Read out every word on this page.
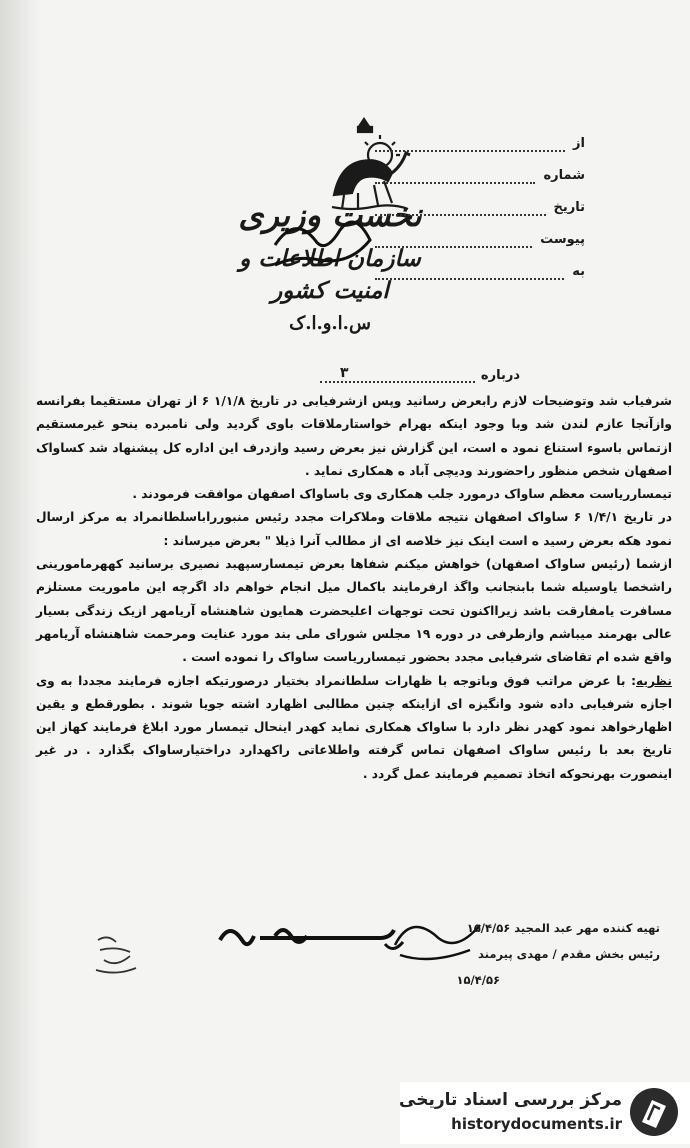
نخست وزیری
سازمان اطلاعات و امنیت کشور
س.ا.و.ا.ک
از
شماره
تاریخ
پیوست
به
درباره
۳

شرفیاب شد وتوضیحات لازم رابعرض رسانید وپس ازشرفیابی در تاریخ ۱/۱/۸ ۶ از تهران مستقیما بفرانسه وازآنجا عازم لندن شد وبا وجود اینکه بهرام خواستارملاقات باوی گردید ولی نامبرده بنحو غیرمستقیم ازتماس باسوء استناع نمود ه است، این گزارش نیز بعرض رسید وازدرف این اداره کل پیشنهاد شد کساواک اصفهان شخص منظور راحضورند ودیچی آباد ه همکاری نماید .

تیمسارریاست معظم ساواک درمورد جلب همکاری وی باساواک اصفهان موافقت فرمودند .

در تاریخ ۱/۴/۱ ۶ ساواک اصفهان نتیجه ملاقات وملاکرات مجدد رئیس منبورراباسلطانمراد به مرکز ارسال نمود هکه بعرض رسید ه است اینک نیز خلاصه ای از مطالب آنرا ذیلا " بعرض میرساند :

ازشما (رئیس ساواک اصفهان) خواهش میکنم شفاها بعرض تیمسارسپهبد نصیری برسانید کههرمامورینی راشخصا یاوسیله شما بابنجانب واگذ ارفرمایند باکمال میل انجام خواهم داد اگرچه این ماموریت مستلزم مسافرت یامفارقت باشد زیرااکنون تحت توجهات اعلیحضرت همایون شاهنشاه آریامهر ازیک زندگی بسیار عالی بهرمند میباشم وازطرفی در دوره ۱۹ مجلس شورای ملی بند مورد عنایت ومرحمت شاهنشاه آریامهر واقع شده ام تقاضای شرفیابی مجدد بحضور تیمسارریاست ساواک را نموده است .

نظریه: با عرض مراتب فوق وباتوجه با ظهارات سلطانمراد بختیار درصورتیکه اجازه فرمایند مجددا به وی اجازه شرفیابی داده شود وانگیزه ای ازاینکه چنین مطالبی اظهارد اشته جویا شوند . بطورقطع و یقین اظهارخواهد نمود کهدر نظر دارد با ساواک همکاری نماید کهدر اینحال تیمسار مورد ابلاغ فرمایند کهاز این تاریخ بعد با رئیس ساواک اصفهان تماس گرفته واطلاعاتی راکهدارد دراختیارساواک بگذارد . در غیر اینصورت بهرنحوکه اتخاذ تصمیم فرمایند عمل گردد .

تهیه کننده مهر عبد المجید ۱۵/۴/۵۶
رئیس بخش مقدم / مهدی پیرمند
۱۵/۴/۵۶
مرکز بررسی اسناد تاریخی
historydocuments.ir
